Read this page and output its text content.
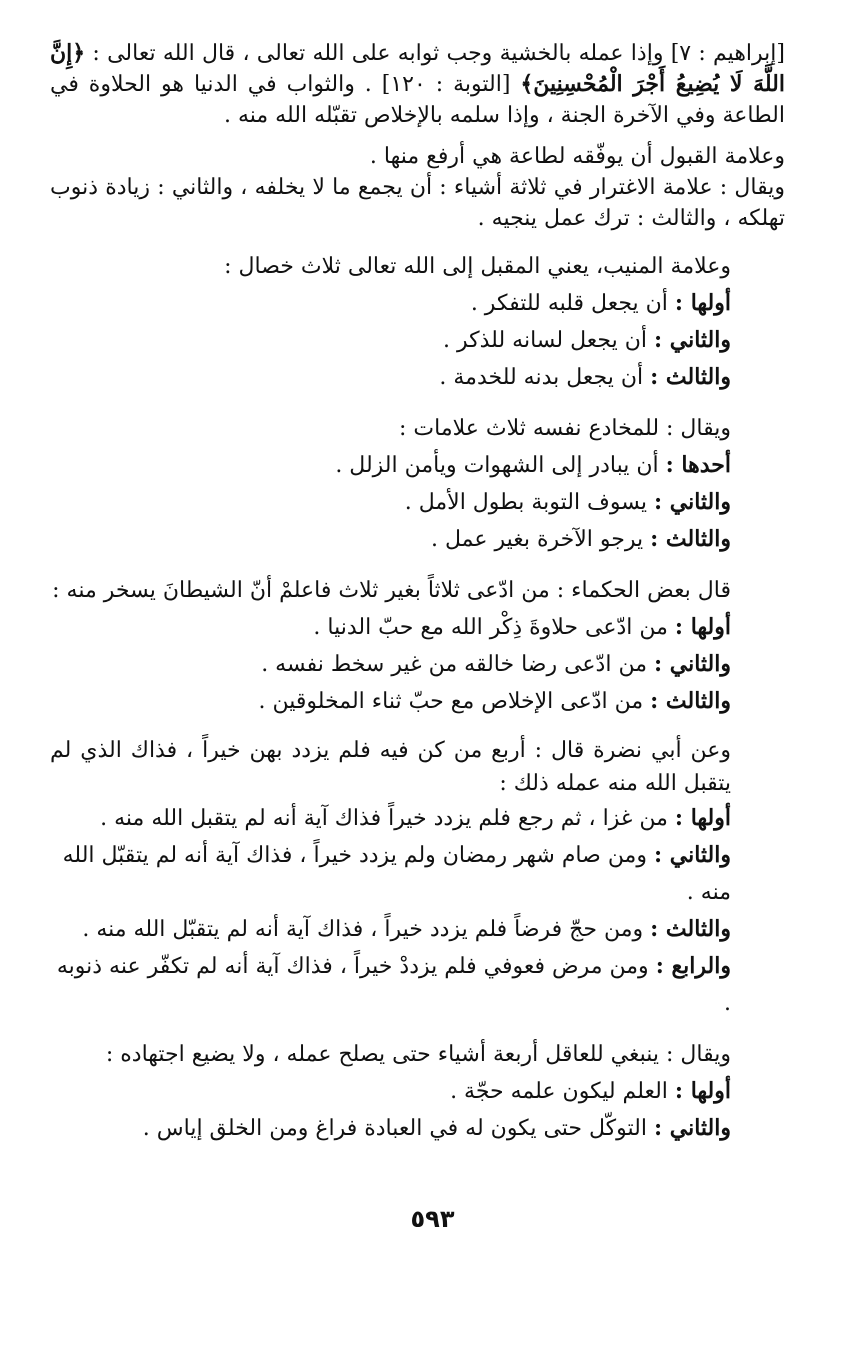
[إبراهيم : ٧] وإذا عمله بالخشية وجب ثوابه على الله تعالى ، قال الله تعالى : ﴿إِنَّ اللَّهَ لَا يُضِيعُ أَجْرَ الْمُحْسِنِينَ﴾ [التوبة : ١٢٠] . والثواب في الدنيا هو الحلاوة في الطاعة وفي الآخرة الجنة ، وإذا سلمه بالإخلاص تقبّله الله منه .

وعلامة القبول أن يوفّقه لطاعة هي أرفع منها .

ويقال : علامة الاغترار في ثلاثة أشياء : أن يجمع ما لا يخلفه ، والثاني : زيادة ذنوب تهلكه ، والثالث : ترك عمل ينجيه .

وعلامة المنيب، يعني المقبل إلى الله تعالى ثلاث خصال :

أولها : أن يجعل قلبه للتفكر .

والثاني : أن يجعل لسانه للذكر .

والثالث : أن يجعل بدنه للخدمة .

ويقال : للمخادع نفسه ثلاث علامات :

أحدها : أن يبادر إلى الشهوات ويأمن الزلل .

والثاني : يسوف التوبة بطول الأمل .

والثالث : يرجو الآخرة بغير عمل .

قال بعض الحكماء : من ادّعى ثلاثاً بغير ثلاث فاعلمْ أنّ الشيطانَ يسخر منه :

أولها : من ادّعى حلاوةَ ذِكْر الله مع حبّ الدنيا .

والثاني : من ادّعى رضا خالقه من غير سخط نفسه .

والثالث : من ادّعى الإخلاص مع حبّ ثناء المخلوقين .

وعن أبي نضرة قال : أربع من كن فيه فلم يزدد بهن خيراً ، فذاك الذي لم يتقبل الله منه عمله ذلك :

أولها : من غزا ، ثم رجع فلم يزدد خيراً فذاك آية أنه لم يتقبل الله منه .

والثاني : ومن صام شهر رمضان ولم يزدد خيراً ، فذاك آية أنه لم يتقبّل الله منه .

والثالث : ومن حجّ فرضاً فلم يزدد خيراً ، فذاك آية أنه لم يتقبّل الله منه .

والرابع : ومن مرض فعوفي فلم يزددْ خيراً ، فذاك آية أنه لم تكفّر عنه ذنوبه .

ويقال : ينبغي للعاقل أربعة أشياء حتى يصلح عمله ، ولا يضيع اجتهاده :

أولها : العلم ليكون علمه حجّة .

والثاني : التوكّل حتى يكون له في العبادة فراغ ومن الخلق إياس .

٥٩٣
